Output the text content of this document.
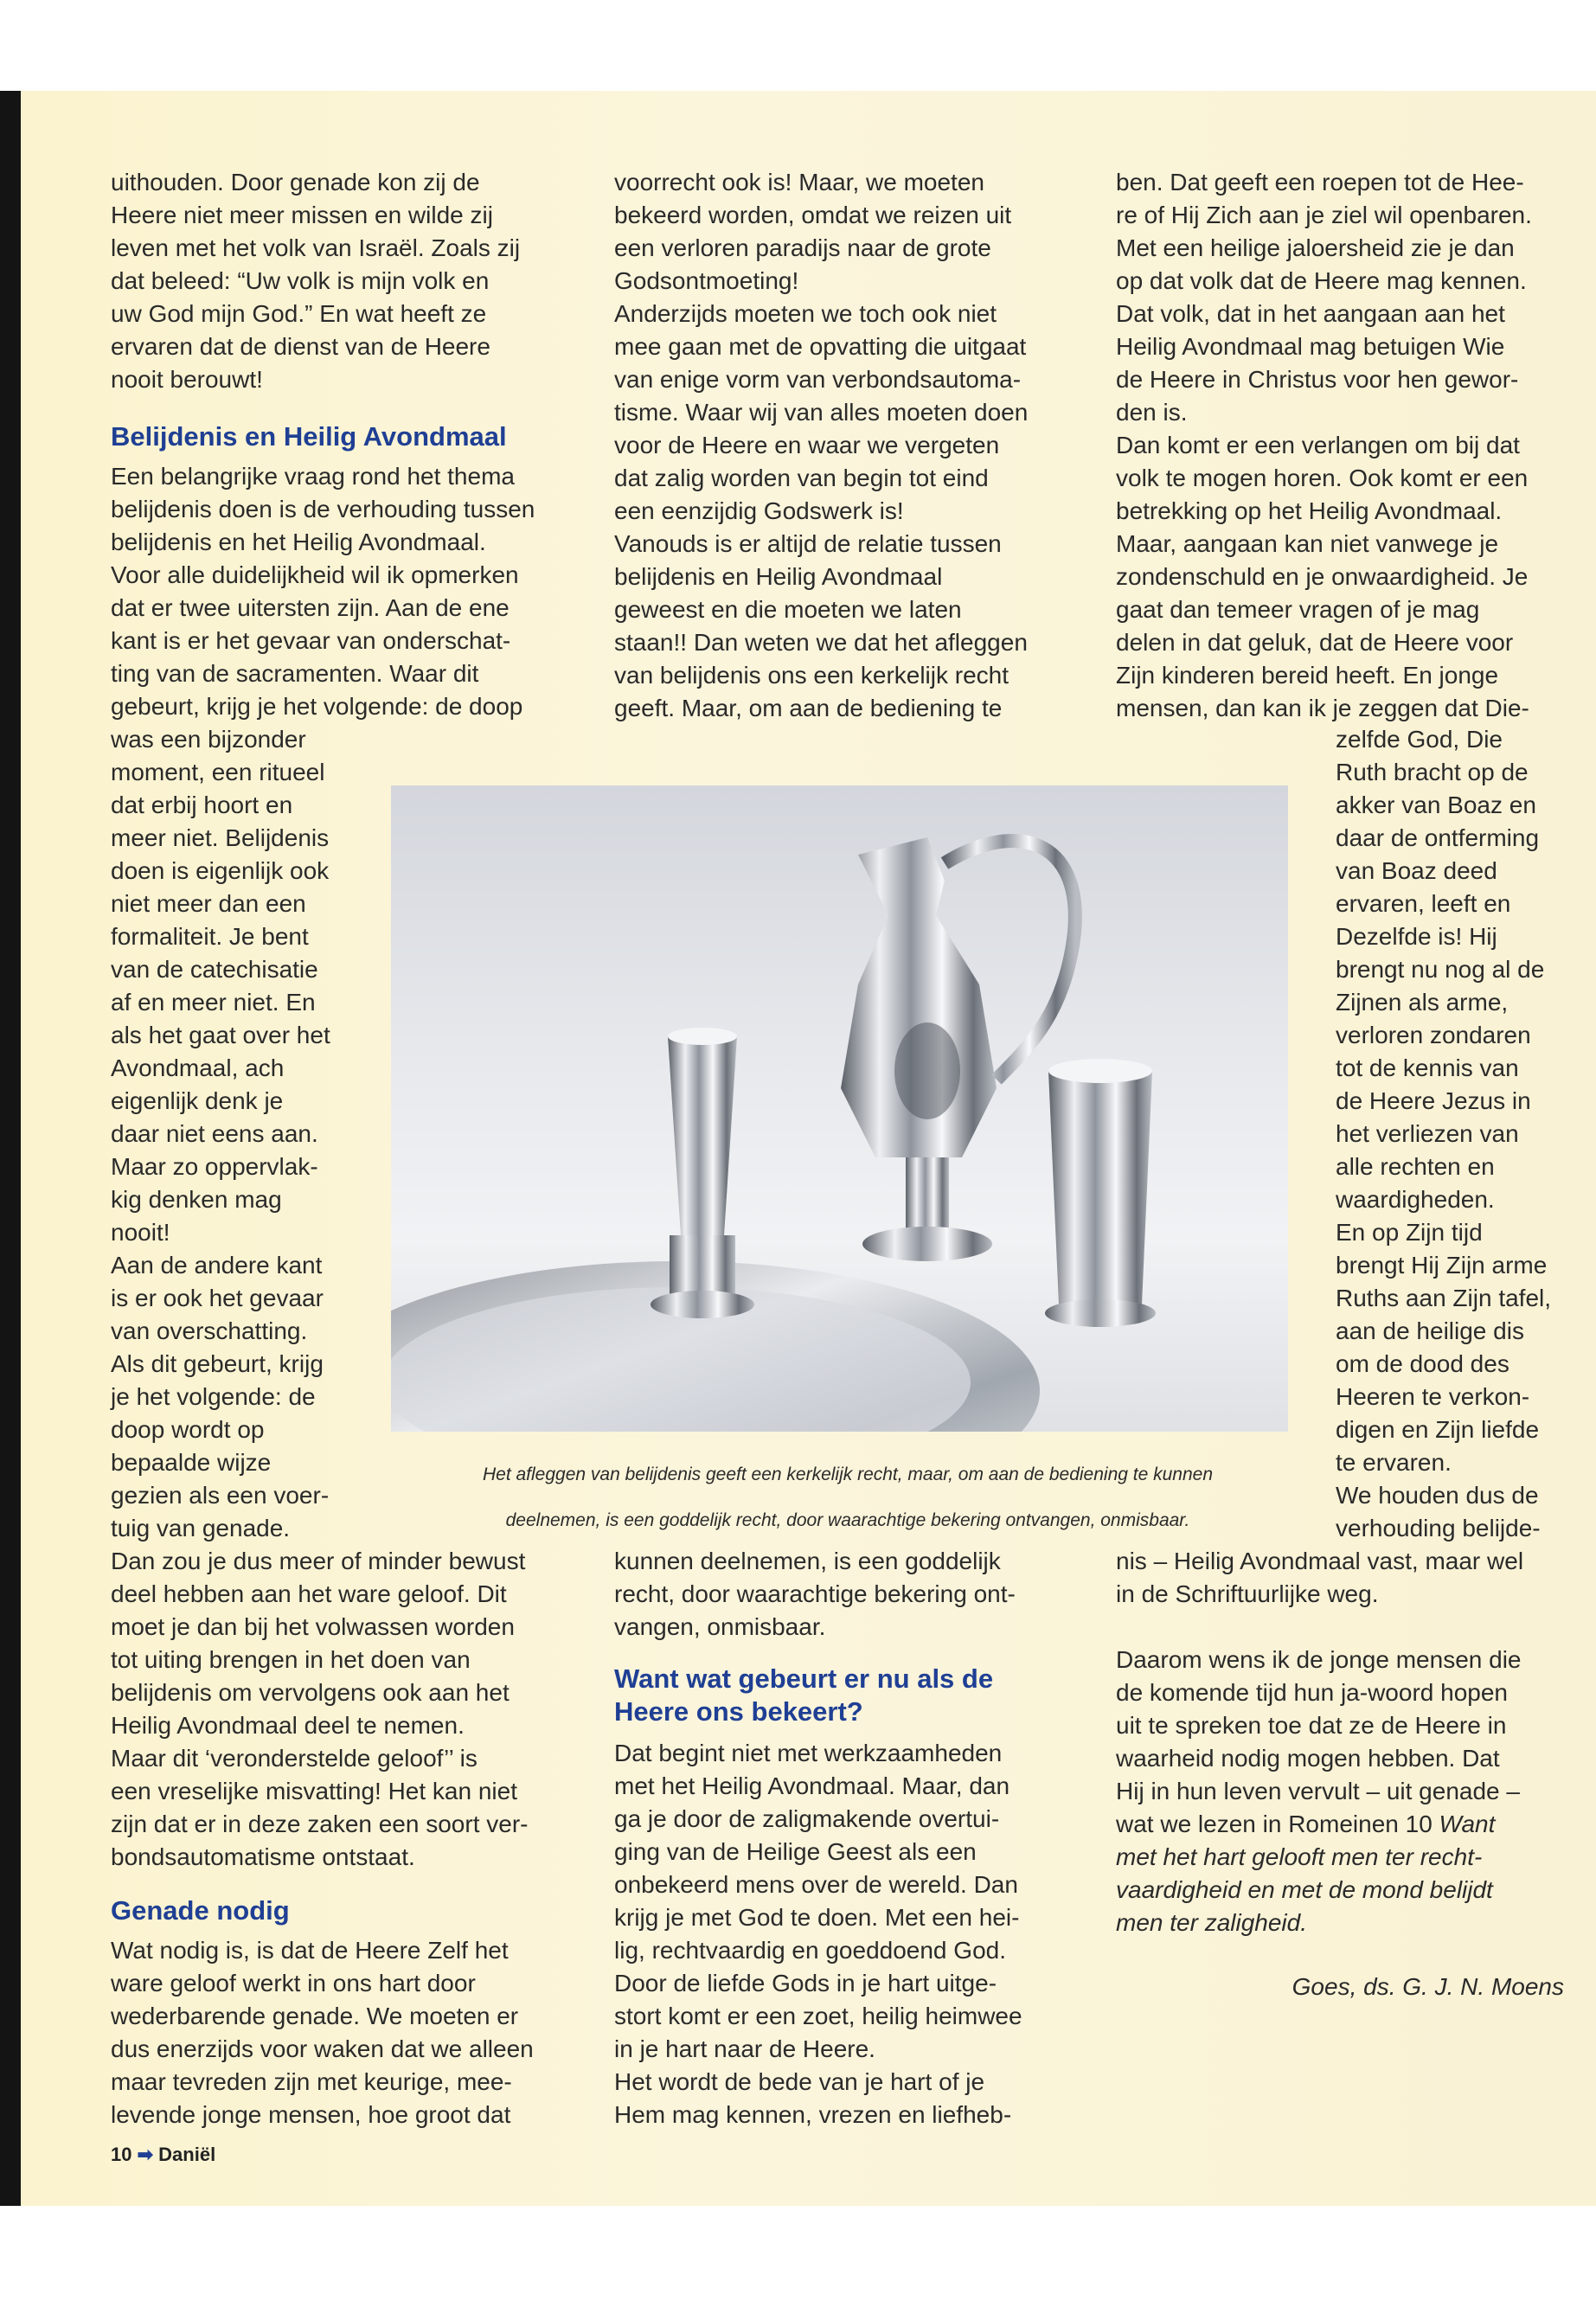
uithouden. Door genade kon zij de

Heere niet meer missen en wilde zij

leven met het volk van Israël. Zoals zij

dat beleed: “Uw volk is mijn volk en

uw God mijn God.” En wat heeft ze

ervaren dat de dienst van de Heere

nooit berouwt!

Belijdenis en Heilig Avondmaal

Een belangrijke vraag rond het thema

belijdenis doen is de verhouding tussen

belijdenis en het Heilig Avondmaal.

Voor alle duidelijkheid wil ik opmerken

dat er twee uitersten zijn. Aan de ene

kant is er het gevaar van onderschat-

ting van de sacramenten. Waar dit

gebeurt, krijg je het volgende: de doop

was een bijzonder

moment, een ritueel

dat erbij hoort en

meer niet. Belijdenis

doen is eigenlijk ook

niet meer dan een

formaliteit. Je bent

van de catechisatie

af en meer niet. En

als het gaat over het

Avondmaal, ach

eigenlijk denk je

daar niet eens aan.

Maar zo oppervlak-

kig denken mag

nooit!

Aan de andere kant

is er ook het gevaar

van overschatting.

Als dit gebeurt, krijg

je het volgende: de

doop wordt op

bepaalde wijze

gezien als een voer-

tuig van genade.

Dan zou je dus meer of minder bewust

deel hebben aan het ware geloof. Dit

moet je dan bij het volwassen worden

tot uiting brengen in het doen van

belijdenis om vervolgens ook aan het

Heilig Avondmaal deel te nemen.

Maar dit ‘veronderstelde geloof’’ is

een vreselijke misvatting! Het kan niet

zijn dat er in deze zaken een soort ver-

bondsautomatisme ontstaat.

Genade nodig

Wat nodig is, is dat de Heere Zelf het

ware geloof werkt in ons hart door

wederbarende genade. We moeten er

dus enerzijds voor waken dat we alleen

maar tevreden zijn met keurige, mee-

levende jonge mensen, hoe groot dat

voorrecht ook is! Maar, we moeten

bekeerd worden, omdat we reizen uit

een verloren paradijs naar de grote

Godsontmoeting!

Anderzijds moeten we toch ook niet

mee gaan met de opvatting die uitgaat

van enige vorm van verbondsautoma-

tisme. Waar wij van alles moeten doen

voor de Heere en waar we vergeten

dat zalig worden van begin tot eind

een eenzijdig Godswerk is!

Vanouds is er altijd de relatie tussen

belijdenis en Heilig Avondmaal

geweest en die moeten we laten

staan!! Dan weten we dat het afleggen

van belijdenis ons een kerkelijk recht

geeft. Maar, om aan de bediening te

kunnen deelnemen, is een goddelijk

recht, door waarachtige bekering ont-

vangen, onmisbaar.

Want wat gebeurt er nu als de Heere ons bekeert?

Dat begint niet met werkzaamheden

met het Heilig Avondmaal. Maar, dan

ga je door de zaligmakende overtui-

ging van de Heilige Geest als een

onbekeerd mens over de wereld. Dan

krijg je met God te doen. Met een hei-

lig, rechtvaardig en goeddoend God.

Door de liefde Gods in je hart uitge-

stort komt er een zoet, heilig heimwee

in je hart naar de Heere.

Het wordt de bede van je hart of je

Hem mag kennen, vrezen en liefheb-

ben. Dat geeft een roepen tot de Hee-

re of Hij Zich aan je ziel wil openbaren.

Met een heilige jaloersheid zie je dan

op dat volk dat de Heere mag kennen.

Dat volk, dat in het aangaan aan het

Heilig Avondmaal mag betuigen Wie

de Heere in Christus voor hen gewor-

den is.

Dan komt er een verlangen om bij dat

volk te mogen horen. Ook komt er een

betrekking op het Heilig Avondmaal.

Maar, aangaan kan niet vanwege je

zondenschuld en je onwaardigheid. Je

gaat dan temeer vragen of je mag

delen in dat geluk, dat de Heere voor

Zijn kinderen bereid heeft. En jonge

mensen, dan kan ik je zeggen dat Die-

zelfde God, Die

Ruth bracht op de

akker van Boaz en

daar de ontferming

van Boaz deed

ervaren, leeft en

Dezelfde is! Hij

brengt nu nog al de

Zijnen als arme,

verloren zondaren

tot de kennis van

de Heere Jezus in

het verliezen van

alle rechten en

waardigheden.

En op Zijn tijd

brengt Hij Zijn arme

Ruths aan Zijn tafel,

aan de heilige dis

om de dood des

Heeren te verkon-

digen en Zijn liefde

te ervaren.

We houden dus de

verhouding belijde-

nis – Heilig Avondmaal vast, maar wel

in de Schriftuurlijke weg.

Daarom wens ik de jonge mensen die

de komende tijd hun ja-woord hopen

uit te spreken toe dat ze de Heere in

waarheid nodig mogen hebben. Dat

Hij in hun leven vervult – uit genade –

wat we lezen in Romeinen 10 Want

met het hart gelooft men ter recht-

vaardigheid en met de mond belijdt

men ter zaligheid.

Goes, ds. G. J. N. Moens

Het afleggen van belijdenis geeft een kerkelijk recht, maar, om aan de bediening te kunnen

deelnemen, is een goddelijk recht, door waarachtige bekering ontvangen, onmisbaar.

10 ➡ Daniël
